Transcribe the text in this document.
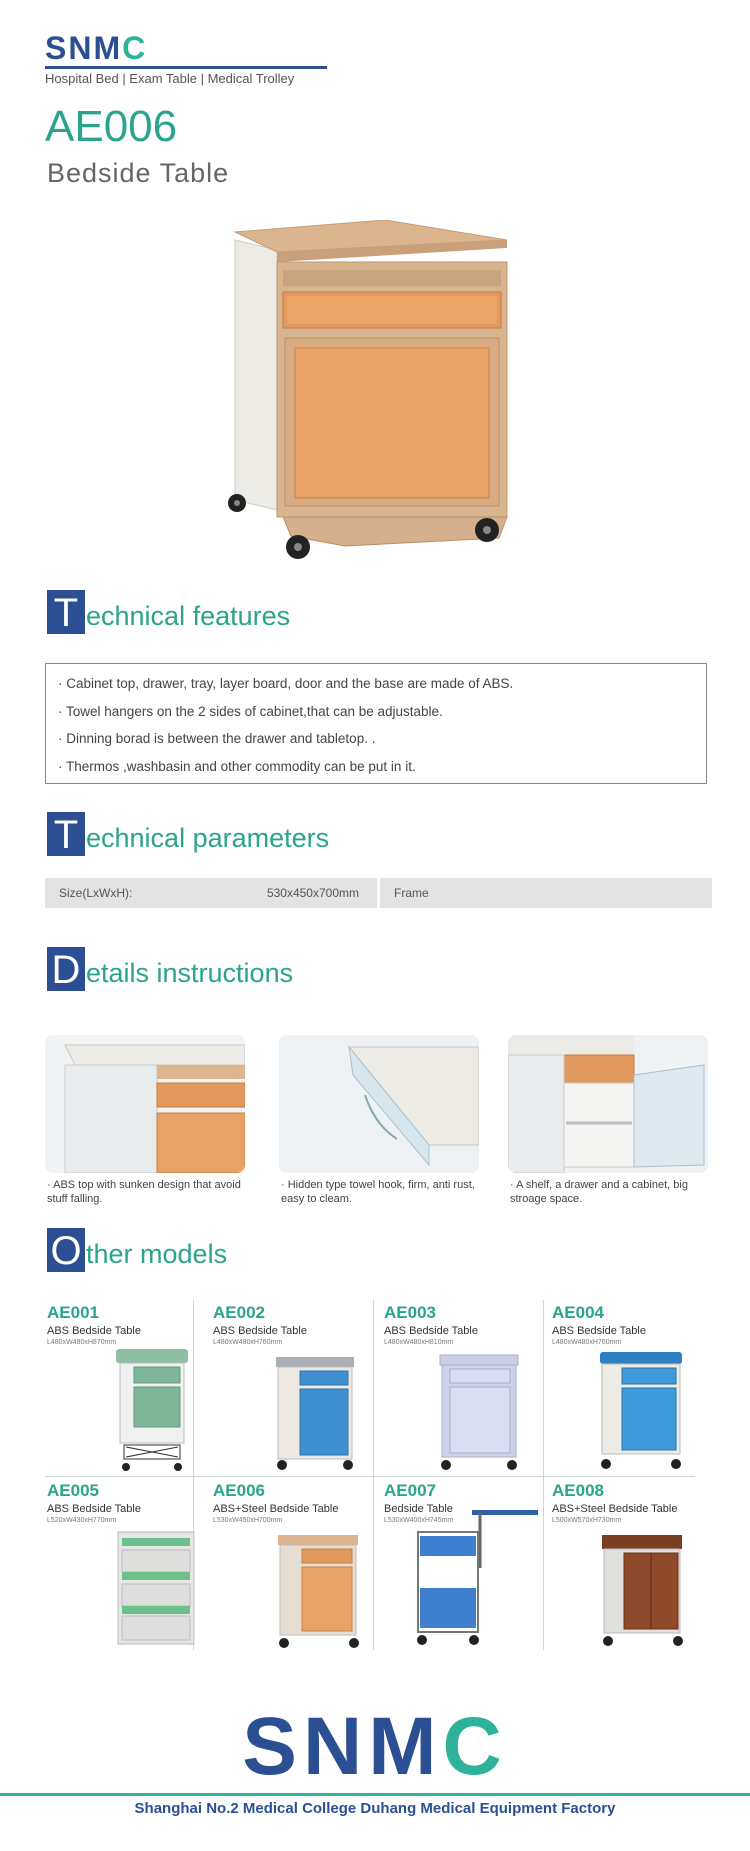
SNMC
Hospital Bed | Exam Table | Medical Trolley
AE006
Bedside Table
T echnical features
· Cabinet top, drawer, tray, layer board, door and the base are made of ABS.
· Towel hangers on the 2 sides of cabinet,that can be adjustable.
· Dinning borad is between the drawer and tabletop. .
· Thermos ,washbasin and other commodity can be put in it.
T echnical parameters
Size(LxWxH):	530x450x700mm	Frame
D etails instructions
· ABS top with sunken design that avoid stuff falling.
· Hidden type towel hook, firm, anti rust, easy to cleam.
· A shelf, a drawer and a cabinet, big stroage space.
O ther models
AE001
ABS Bedside Table
L480xW480xH870mm
AE002
ABS Bedside Table
L480xW480xH760mm
AE003
ABS Bedside Table
L480xW480xH810mm
AE004
ABS Bedside Table
L480xW480xH760mm
AE005
ABS Bedside Table
L520xW430xH770mm
AE006
ABS+Steel Bedside Table
L530xW450xH700mm
AE007
Bedside Table
L530xW400xH745mm
AE008
ABS+Steel Bedside Table
L500xW570xH730mm
SNMC
Shanghai No.2 Medical College Duhang Medical Equipment Factory
